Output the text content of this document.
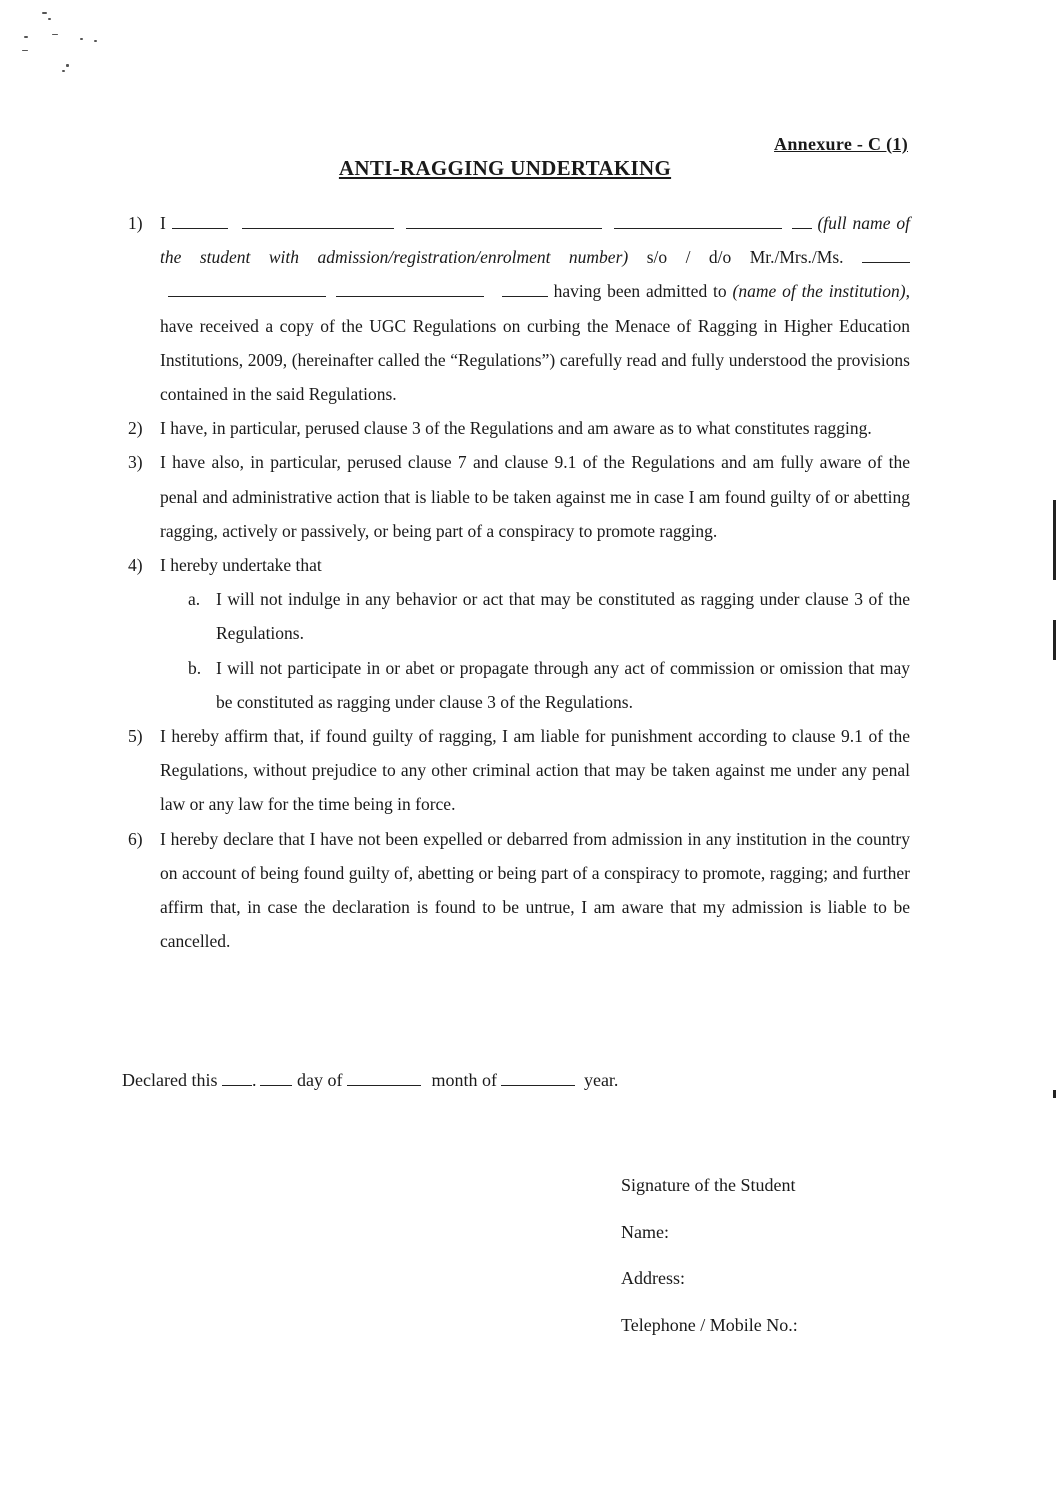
Annexure - C (1)
ANTI-RAGGING UNDERTAKING
1) I	(full name of the student with admission/registration/enrolment number) s/o / d/o Mr./Mrs./Ms.     having been admitted to (name of the institution), have received a copy of the UGC Regulations on curbing the Menace of Ragging in Higher Education Institutions, 2009, (hereinafter called the “Regulations”) carefully read and fully understood the provisions contained in the said Regulations.
2) I have, in particular, perused clause 3 of the Regulations and am aware as to what constitutes ragging.
3) I have also, in particular, perused clause 7 and clause 9.1 of the Regulations and am fully aware of the penal and administrative action that is liable to be taken against me in case I am found guilty of or abetting ragging, actively or passively, or being part of a conspiracy to promote ragging.
4) I hereby undertake that
a. I will not indulge in any behavior or act that may be constituted as ragging under clause 3 of the Regulations.
b. I will not participate in or abet or propagate through any act of commission or omission that may be constituted as ragging under clause 3 of the Regulations.
5) I hereby affirm that, if found guilty of ragging, I am liable for punishment according to clause 9.1 of the Regulations, without prejudice to any other criminal action that may be taken against me under any penal law or any law for the time being in force.
6) I hereby declare that I have not been expelled or debarred from admission in any institution in the country on account of being found guilty of, abetting or being part of a conspiracy to promote, ragging; and further affirm that, in case the declaration is found to be untrue, I am aware that my admission is liable to be cancelled.
Declared this . day of	month of	year.
Signature of the Student
Name:
Address:
Telephone / Mobile No.:
